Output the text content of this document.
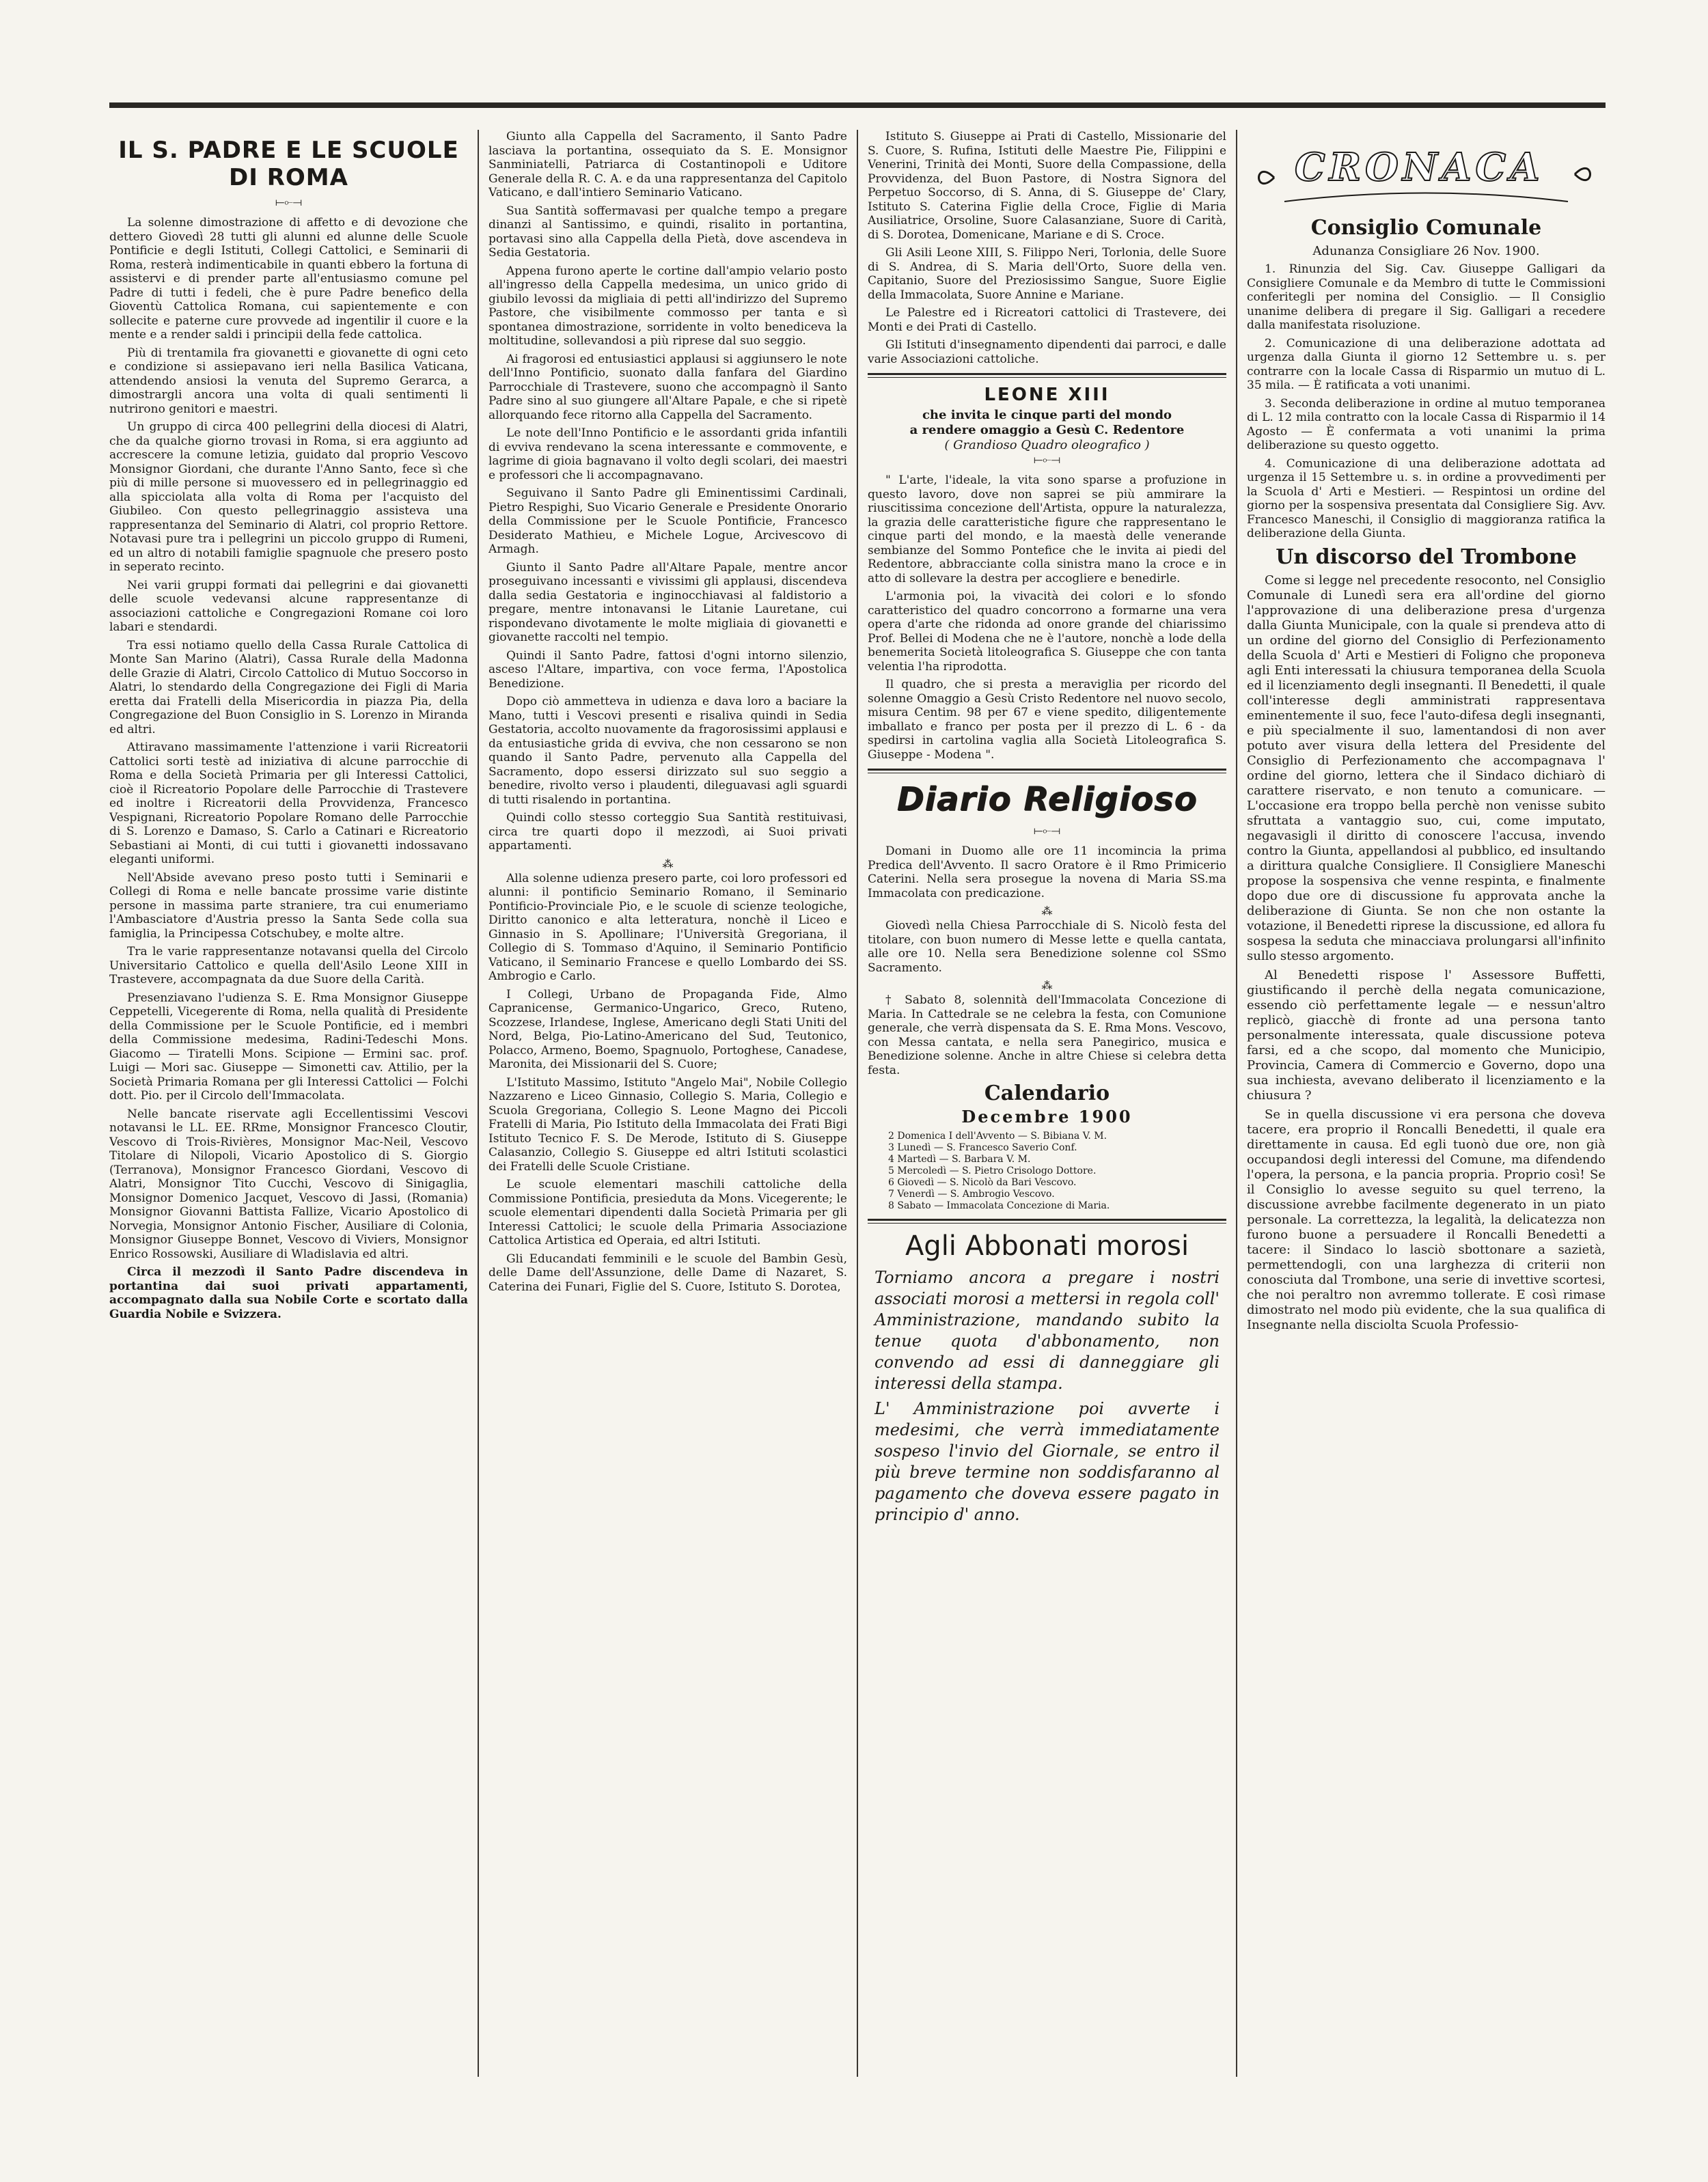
IL S. PADRE E LE SCUOLE DI ROMA
⟝⟜⟞

La solenne dimostrazione di affetto e di devozione che dettero Giovedì 28 tutti gli alunni ed alunne delle Scuole Pontificie e degli Istituti, Collegi Cattolici, e Seminarii di Roma, resterà indimenticabile in quanti ebbero la fortuna di assistervi e di prender parte all'entusiasmo comune pel Padre di tutti i fedeli, che è pure Padre benefico della Gioventù Cattolica Romana, cui sapientemente e con sollecite e paterne cure provvede ad ingentilir il cuore e la mente e a render saldi i principii della fede cattolica.

Più di trentamila fra giovanetti e giovanette di ogni ceto e condizione si assiepavano ieri nella Basilica Vaticana, attendendo ansiosi la venuta del Supremo Gerarca, a dimostrargli ancora una volta di quali sentimenti li nutrirono genitori e maestri.

Un gruppo di circa 400 pellegrini della diocesi di Alatri, che da qualche giorno trovasi in Roma, si era aggiunto ad accrescere la comune letizia, guidato dal proprio Vescovo Monsignor Giordani, che durante l'Anno Santo, fece sì che più di mille persone si muovessero ed in pellegrinaggio ed alla spicciolata alla volta di Roma per l'acquisto del Giubileo. Con questo pellegrinaggio assisteva una rappresentanza del Seminario di Alatri, col proprio Rettore. Notavasi pure tra i pellegrini un piccolo gruppo di Rumeni, ed un altro di notabili famiglie spagnuole che presero posto in seperato recinto.

Nei varii gruppi formati dai pellegrini e dai giovanetti delle scuole vedevansi alcune rappresentanze di associazioni cattoliche e Congregazioni Romane coi loro labari e stendardi.

Tra essi notiamo quello della Cassa Rurale Cattolica di Monte San Marino (Alatri), Cassa Rurale della Madonna delle Grazie di Alatri, Circolo Cattolico di Mutuo Soccorso in Alatri, lo stendardo della Congregazione dei Figli di Maria eretta dai Fratelli della Misericordia in piazza Pia, della Congregazione del Buon Consiglio in S. Lorenzo in Miranda ed altri.

Attiravano massimamente l'attenzione i varii Ricreatorii Cattolici sorti testè ad iniziativa di alcune parrocchie di Roma e della Società Primaria per gli Interessi Cattolici, cioè il Ricreatorio Popolare delle Parrocchie di Trastevere ed inoltre i Ricreatorii della Provvidenza, Francesco Vespignani, Ricreatorio Popolare Romano delle Parrocchie di S. Lorenzo e Damaso, S. Carlo a Catinari e Ricreatorio Sebastiani ai Monti, di cui tutti i giovanetti indossavano eleganti uniformi.

Nell'Abside avevano preso posto tutti i Seminarii e Collegi di Roma e nelle bancate prossime varie distinte persone in massima parte straniere, tra cui enumeriamo l'Ambasciatore d'Austria presso la Santa Sede colla sua famiglia, la Principessa Cotschubey, e molte altre.

Tra le varie rappresentanze notavansi quella del Circolo Universitario Cattolico e quella dell'Asilo Leone XIII in Trastevere, accompagnata da due Suore della Carità.

Presenziavano l'udienza S. E. Rma Monsignor Giuseppe Ceppetelli, Vicegerente di Roma, nella qualità di Presidente della Commissione per le Scuole Pontificie, ed i membri della Commissione medesima, Radini-Tedeschi Mons. Giacomo — Tiratelli Mons. Scipione — Ermini sac. prof. Luigi — Mori sac. Giuseppe — Simonetti cav. Attilio, per la Società Primaria Romana per gli Interessi Cattolici — Folchi dott. Pio. per il Circolo dell'Immacolata.

Nelle bancate riservate agli Eccellentissimi Vescovi notavansi le LL. EE. RRme, Monsignor Francesco Cloutir, Vescovo di Trois-Rivières, Monsignor Mac-Neil, Vescovo Titolare di Nilopoli, Vicario Apostolico di S. Giorgio (Terranova), Monsignor Francesco Giordani, Vescovo di Alatri, Monsignor Tito Cucchi, Vescovo di Sinigaglia, Monsignor Domenico Jacquet, Vescovo di Jassi, (Romania) Monsignor Giovanni Battista Fallize, Vicario Apostolico di Norvegia, Monsignor Antonio Fischer, Ausiliare di Colonia, Monsignor Giuseppe Bonnet, Vescovo di Viviers, Monsignor Enrico Rossowski, Ausiliare di Wladislavia ed altri.

Circa il mezzodì il Santo Padre discendeva in portantina dai suoi privati appartamenti, accompagnato dalla sua Nobile Corte e scortato dalla Guardia Nobile e Svizzera.

Giunto alla Cappella del Sacramento, il Santo Padre lasciava la portantina, ossequiato da S. E. Monsignor Sanminiatelli, Patriarca di Costantinopoli e Uditore Generale della R. C. A. e da una rappresentanza del Capitolo Vaticano, e dall'intiero Seminario Vaticano.

Sua Santità soffermavasi per qualche tempo a pregare dinanzi al Santissimo, e quindi, risalito in portantina, portavasi sino alla Cappella della Pietà, dove ascendeva in Sedia Gestatoria.

Appena furono aperte le cortine dall'ampio velario posto all'ingresso della Cappella medesima, un unico grido di giubilo levossi da migliaia di petti all'indirizzo del Supremo Pastore, che visibilmente commosso per tanta e sì spontanea dimostrazione, sorridente in volto benediceva la moltitudine, sollevandosi a più riprese dal suo seggio.

Ai fragorosi ed entusiastici applausi si aggiunsero le note dell'Inno Pontificio, suonato dalla fanfara del Giardino Parrocchiale di Trastevere, suono che accompagnò il Santo Padre sino al suo giungere all'Altare Papale, e che si ripetè allorquando fece ritorno alla Cappella del Sacramento.

Le note dell'Inno Pontificio e le assordanti grida infantili di evviva rendevano la scena interessante e commovente, e lagrime di gioia bagnavano il volto degli scolari, dei maestri e professori che li accompagnavano.

Seguivano il Santo Padre gli Eminentissimi Cardinali, Pietro Respighi, Suo Vicario Generale e Presidente Onorario della Commissione per le Scuole Pontificie, Francesco Desiderato Mathieu, e Michele Logue, Arcivescovo di Armagh.

Giunto il Santo Padre all'Altare Papale, mentre ancor proseguivano incessanti e vivissimi gli applausi, discendeva dalla sedia Gestatoria e inginocchiavasi al faldistorio a pregare, mentre intonavansi le Litanie Lauretane, cui rispondevano divotamente le molte migliaia di giovanetti e giovanette raccolti nel tempio.

Quindi il Santo Padre, fattosi d'ogni intorno silenzio, asceso l'Altare, impartiva, con voce ferma, l'Apostolica Benedizione.

Dopo ciò ammetteva in udienza e dava loro a baciare la Mano, tutti i Vescovi presenti e risaliva quindi in Sedia Gestatoria, accolto nuovamente da fragorosissimi applausi e da entusiastiche grida di evviva, che non cessarono se non quando il Santo Padre, pervenuto alla Cappella del Sacramento, dopo essersi dirizzato sul suo seggio a benedire, rivolto verso i plaudenti, dileguavasi agli sguardi di tutti risalendo in portantina.

Quindi collo stesso corteggio Sua Santità restituivasi, circa tre quarti dopo il mezzodì, ai Suoi privati appartamenti.

⁂

Alla solenne udienza presero parte, coi loro professori ed alunni: il pontificio Seminario Romano, il Seminario Pontificio-Provinciale Pio, e le scuole di scienze teologiche, Diritto canonico e alta letteratura, nonchè il Liceo e Ginnasio in S. Apollinare; l'Università Gregoriana, il Collegio di S. Tommaso d'Aquino, il Seminario Pontificio Vaticano, il Seminario Francese e quello Lombardo dei SS. Ambrogio e Carlo.

I Collegi, Urbano de Propaganda Fide, Almo Capranicense, Germanico-Ungarico, Greco, Ruteno, Scozzese, Irlandese, Inglese, Americano degli Stati Uniti del Nord, Belga, Pio-Latino-Americano del Sud, Teutonico, Polacco, Armeno, Boemo, Spagnuolo, Portoghese, Canadese, Maronita, dei Missionarii del S. Cuore;

L'Istituto Massimo, Istituto "Angelo Mai", Nobile Collegio Nazzareno e Liceo Ginnasio, Collegio S. Maria, Collegio e Scuola Gregoriana, Collegio S. Leone Magno dei Piccoli Fratelli di Maria, Pio Istituto della Immacolata dei Frati Bigi Istituto Tecnico F. S. De Merode, Istituto di S. Giuseppe Calasanzio, Collegio S. Giuseppe ed altri Istituti scolastici dei Fratelli delle Scuole Cristiane.

Le scuole elementari maschili cattoliche della Commissione Pontificia, presieduta da Mons. Vicegerente; le scuole elementari dipendenti dalla Società Primaria per gli Interessi Cattolici; le scuole della Primaria Associazione Cattolica Artistica ed Operaia, ed altri Istituti.

Gli Educandati femminili e le scuole del Bambin Gesù, delle Dame dell'Assunzione, delle Dame di Nazaret, S. Caterina dei Funari, Figlie del S. Cuore, Istituto S. Dorotea,

Istituto S. Giuseppe ai Prati di Castello, Missionarie del S. Cuore, S. Rufina, Istituti delle Maestre Pie, Filippini e Venerini, Trinità dei Monti, Suore della Compassione, della Provvidenza, del Buon Pastore, di Nostra Signora del Perpetuo Soccorso, di S. Anna, di S. Giuseppe de' Clary, Istituto S. Caterina Figlie della Croce, Figlie di Maria Ausiliatrice, Orsoline, Suore Calasanziane, Suore di Carità, di S. Dorotea, Domenicane, Mariane e di S. Croce.

Gli Asili Leone XIII, S. Filippo Neri, Torlonia, delle Suore di S. Andrea, di S. Maria dell'Orto, Suore della ven. Capitanio, Suore del Preziosissimo Sangue, Suore Eiglie della Immacolata, Suore Annine e Mariane.

Le Palestre ed i Ricreatori cattolici di Trastevere, dei Monti e dei Prati di Castello.

Gli Istituti d'insegnamento dipendenti dai parroci, e dalle varie Associazioni cattoliche.

LEONE XIII

che invita le cinque parti del mondo

a rendere omaggio a Gesù C. Redentore

( Grandioso Quadro oleografico )

⟝⟜⟞

" L'arte, l'ideale, la vita sono sparse a profuzione in questo lavoro, dove non saprei se più ammirare la riuscitissima concezione dell'Artista, oppure la naturalezza, la grazia delle caratteristiche figure che rappresentano le cinque parti del mondo, e la maestà delle venerande sembianze del Sommo Pontefice che le invita ai piedi del Redentore, abbracciante colla sinistra mano la croce e in atto di sollevare la destra per accogliere e benedirle.

L'armonia poi, la vivacità dei colori e lo sfondo caratteristico del quadro concorrono a formarne una vera opera d'arte che ridonda ad onore grande del chiarissimo Prof. Bellei di Modena che ne è l'autore, nonchè a lode della benemerita Società litoleografica S. Giuseppe che con tanta velentia l'ha riprodotta.

Il quadro, che si presta a meraviglia per ricordo del solenne Omaggio a Gesù Cristo Redentore nel nuovo secolo, misura Centim. 98 per 67 e viene spedito, diligentemente imballato e franco per posta per il prezzo di L. 6 - da spedirsi in cartolina vaglia alla Società Litoleografica S. Giuseppe - Modena ".

Diario Religioso
⟝⟜⟞

Domani in Duomo alle ore 11 incomincia la prima Predica dell'Avvento. Il sacro Oratore è il Rmo Primicerio Caterini. Nella sera prosegue la novena di Maria SS.ma Immacolata con predicazione.

⁂

Giovedì nella Chiesa Parrocchiale di S. Nicolò festa del titolare, con buon numero di Messe lette e quella cantata, alle ore 10. Nella sera Benedizione solenne col SSmo Sacramento.

⁂

† Sabato 8, solennità dell'Immacolata Concezione di Maria. In Cattedrale se ne celebra la festa, con Comunione generale, che verrà dispensata da S. E. Rma Mons. Vescovo, con Messa cantata, e nella sera Panegirico, musica e Benedizione solenne. Anche in altre Chiese si celebra detta festa.

Calendario
Decembre 1900
2 Domenica I dell'Avvento — S. Bibiana V. M.
3 Lunedì — S. Francesco Saverio Conf.
4 Martedì — S. Barbara V. M.
5 Mercoledì — S. Pietro Crisologo Dottore.
6 Giovedì — S. Nicolò da Bari Vescovo.
7 Venerdì — S. Ambrogio Vescovo.
8 Sabato — Immacolata Concezione di Maria.
Agli Abbonati morosi

Torniamo ancora a pregare i nostri associati morosi a mettersi in regola coll' Amministrazione, mandando subito la tenue quota d'abbonamento, non convendo ad essi di danneggiare gli interessi della stampa.

L' Amministrazione poi avverte i medesimi, che verrà immediatamente sospeso l'invio del Giornale, se entro il più breve termine non soddisfaranno al pagamento che doveva essere pagato in principio d' anno.

CRONACA
Consiglio Comunale
Adunanza Consigliare 26 Nov. 1900.

1. Rinunzia del Sig. Cav. Giuseppe Galligari da Consigliere Comunale e da Membro di tutte le Commissioni conferitegli per nomina del Consiglio. — Il Consiglio unanime delibera di pregare il Sig. Galligari a recedere dalla manifestata risoluzione.

2. Comunicazione di una deliberazione adottata ad urgenza dalla Giunta il giorno 12 Settembre u. s. per contrarre con la locale Cassa di Risparmio un mutuo di L. 35 mila. — È ratificata a voti unanimi.

3. Seconda deliberazione in ordine al mutuo temporanea di L. 12 mila contratto con la locale Cassa di Risparmio il 14 Agosto — È confermata a voti unanimi la prima deliberazione su questo oggetto.

4. Comunicazione di una deliberazione adottata ad urgenza il 15 Settembre u. s. in ordine a provvedimenti per la Scuola d' Arti e Mestieri. — Respintosi un ordine del giorno per la sospensiva presentata dal Consigliere Sig. Avv. Francesco Maneschi, il Consiglio di maggioranza ratifica la deliberazione della Giunta.

Un discorso del Trombone

Come si legge nel precedente resoconto, nel Consiglio Comunale di Lunedì sera era all'ordine del giorno l'approvazione di una deliberazione presa d'urgenza dalla Giunta Municipale, con la quale si prendeva atto di un ordine del giorno del Consiglio di Perfezionamento della Scuola d' Arti e Mestieri di Foligno che proponeva agli Enti interessati la chiusura temporanea della Scuola ed il licenziamento degli insegnanti. Il Benedetti, il quale coll'interesse degli amministrati rappresentava eminentemente il suo, fece l'auto-difesa degli insegnanti, e più specialmente il suo, lamentandosi di non aver potuto aver visura della lettera del Presidente del Consiglio di Perfezionamento che accompagnava l' ordine del giorno, lettera che il Sindaco dichiarò di carattere riservato, e non tenuto a comunicare. — L'occasione era troppo bella perchè non venisse subito sfruttata a vantaggio suo, cui, come imputato, negavasigli il diritto di conoscere l'accusa, invendo contro la Giunta, appellandosi al pubblico, ed insultando a dirittura qualche Consigliere. Il Consigliere Maneschi propose la sospensiva che venne respinta, e finalmente dopo due ore di discussione fu approvata anche la deliberazione di Giunta. Se non che non ostante la votazione, il Benedetti riprese la discussione, ed allora fu sospesa la seduta che minacciava prolungarsi all'infinito sullo stesso argomento.

Al Benedetti rispose l' Assessore Buffetti, giustificando il perchè della negata comunicazione, essendo ciò perfettamente legale — e nessun'altro replicò, giacchè di fronte ad una persona tanto personalmente interessata, quale discussione poteva farsi, ed a che scopo, dal momento che Municipio, Provincia, Camera di Commercio e Governo, dopo una sua inchiesta, avevano deliberato il licenziamento e la chiusura ?

Se in quella discussione vi era persona che doveva tacere, era proprio il Roncalli Benedetti, il quale era direttamente in causa. Ed egli tuonò due ore, non già occupandosi degli interessi del Comune, ma difendendo l'opera, la persona, e la pancia propria. Proprio così! Se il Consiglio lo avesse seguito su quel terreno, la discussione avrebbe facilmente degenerato in un piato personale. La correttezza, la legalità, la delicatezza non furono buone a persuadere il Roncalli Benedetti a tacere: il Sindaco lo lasciò sbottonare a sazietà, permettendogli, con una larghezza di criterii non conosciuta dal Trombone, una serie di invettive scortesi, che noi peraltro non avremmo tollerate. E così rimase dimostrato nel modo più evidente, che la sua qualifica di Insegnante nella disciolta Scuola Professio-
